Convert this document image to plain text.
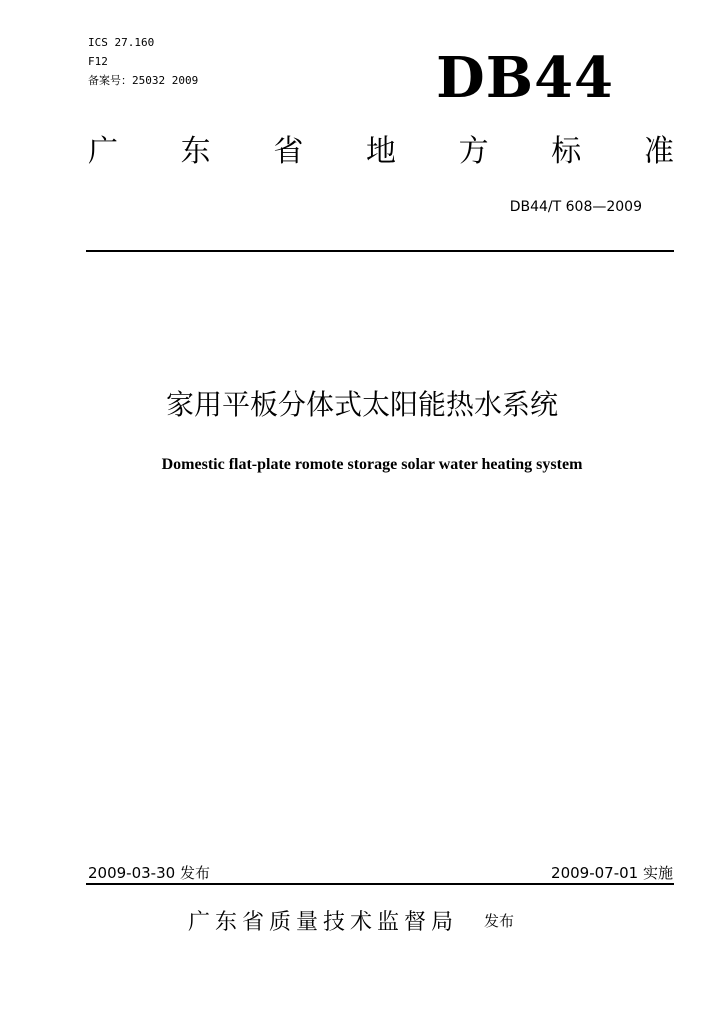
ICS 27.160
F12
备案号：25032 2009	DB44
广 东 省 地 方 标 准
DB44/T 608—2009
家用平板分体式太阳能热水系统
Domestic flat-plate romote storage solar water heating system
2009-03-30 发布	2009-07-01 实施
广东省质量技术监督局 发布
